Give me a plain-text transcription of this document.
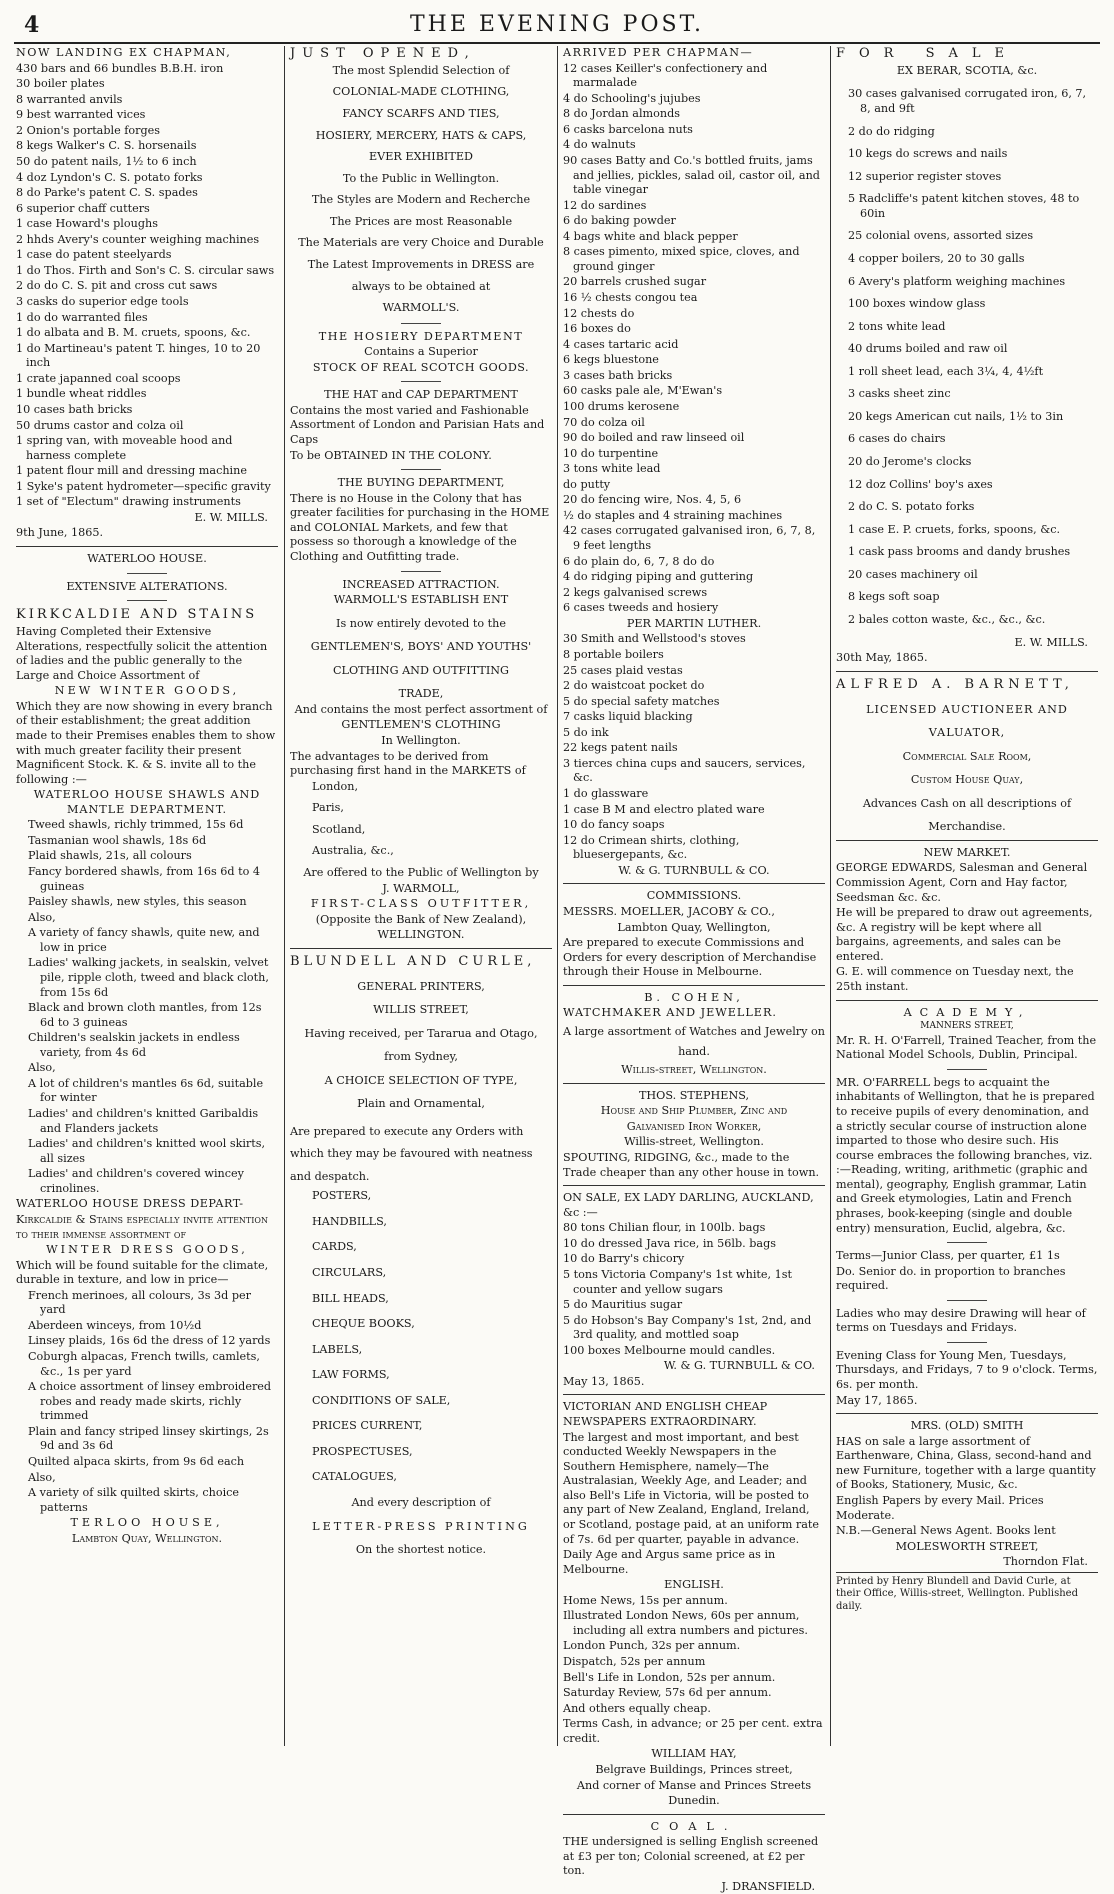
4	THE EVENING POST.

NOW LANDING EX CHAPMAN,

430 bars and 66 bundles B.B.H. iron

30 boiler plates

8 warranted anvils

9 best warranted vices

2 Onion's portable forges

8 kegs Walker's C. S. horsenails

50 do patent nails, 1½ to 6 inch

4 doz Lyndon's C. S. potato forks

8 do Parke's patent C. S. spades

6 superior chaff cutters

1 case Howard's ploughs

2 hhds Avery's counter weighing machines

1 case do patent steelyards

1 do Thos. Firth and Son's C. S. circular saws

2 do do C. S. pit and cross cut saws

3 casks do superior edge tools

1 do do warranted files

1 do albata and B. M. cruets, spoons, &c.

1 do Martineau's patent T. hinges, 10 to 20 inch

1 crate japanned coal scoops

1 bundle wheat riddles

10 cases bath bricks

50 drums castor and colza oil

1 spring van, with moveable hood and harness complete

1 patent flour mill and dressing machine

1 Syke's patent hydrometer—specific gravity

1 set of "Electum" drawing instruments

E. W. MILLS.

9th June, 1865.

WATERLOO HOUSE.

EXTENSIVE ALTERATIONS.

KIRKCALDIE AND STAINS

Having Completed their Extensive Alterations, respectfully solicit the attention of ladies and the public generally to the Large and Choice Assortment of

NEW WINTER GOODS,

Which they are now showing in every branch of their establishment; the great addition made to their Premises enables them to show with much greater facility their present Magnificent Stock. K. & S. invite all to the following :—

WATERLOO HOUSE SHAWLS AND MANTLE DEPARTMENT.

Tweed shawls, richly trimmed, 15s 6d

Tasmanian wool shawls, 18s 6d

Plaid shawls, 21s, all colours

Fancy bordered shawls, from 16s 6d to 4 guineas

Paisley shawls, new styles, this season

Also,

A variety of fancy shawls, quite new, and low in price

Ladies' walking jackets, in sealskin, velvet pile, ripple cloth, tweed and black cloth, from 15s 6d

Black and brown cloth mantles, from 12s 6d to 3 guineas

Children's sealskin jackets in endless variety, from 4s 6d

Also,

A lot of children's mantles 6s 6d, suitable for winter

Ladies' and children's knitted Garibaldis and Flanders jackets

Ladies' and children's knitted wool skirts, all sizes

Ladies' and children's covered wincey crinolines.

WATERLOO HOUSE DRESS DEPART-

Kirkcaldie & Stains especially invite attention to their immense assortment of

WINTER DRESS GOODS,

Which will be found suitable for the climate, durable in texture, and low in price—

French merinoes, all colours, 3s 3d per yard

Aberdeen winceys, from 10½d

Linsey plaids, 16s 6d the dress of 12 yards

Coburgh alpacas, French twills, camlets, &c., 1s per yard

A choice assortment of linsey embroidered robes and ready made skirts, richly trimmed

Plain and fancy striped linsey skirtings, 2s 9d and 3s 6d

Quilted alpaca skirts, from 9s 6d each

Also,

A variety of silk quilted skirts, choice patterns

TERLOO HOUSE,

Lambton Quay, Wellington.

JUST OPENED,

The most Splendid Selection of

COLONIAL-MADE CLOTHING,

FANCY SCARFS AND TIES,

HOSIERY, MERCERY, HATS & CAPS,

EVER EXHIBITED

To the Public in Wellington.

The Styles are Modern and Recherche

The Prices are most Reasonable

The Materials are very Choice and Durable

The Latest Improvements in DRESS are

always to be obtained at

WARMOLL'S.

THE HOSIERY DEPARTMENT

Contains a Superior

STOCK OF REAL SCOTCH GOODS.

THE HAT and CAP DEPARTMENT

Contains the most varied and Fashionable Assortment of London and Parisian Hats and Caps

To be OBTAINED IN THE COLONY.

THE BUYING DEPARTMENT,

There is no House in the Colony that has greater facilities for purchasing in the HOME and COLONIAL Markets, and few that possess so thorough a knowledge of the Clothing and Outfitting trade.

INCREASED ATTRACTION.

WARMOLL'S ESTABLISH ENT

Is now entirely devoted to the

GENTLEMEN'S, BOYS' AND YOUTHS'

CLOTHING AND OUTFITTING

TRADE,

And contains the most perfect assortment of

GENTLEMEN'S CLOTHING

In Wellington.

The advantages to be derived from purchasing first hand in the MARKETS of

London,

Paris,

Scotland,

Australia, &c.,

Are offered to the Public of Wellington by

J. WARMOLL,

FIRST-CLASS OUTFITTER,

(Opposite the Bank of New Zealand),

WELLINGTON.

BLUNDELL AND CURLE,

GENERAL PRINTERS,

WILLIS STREET,

Having received, per Tararua and Otago,

from Sydney,

A CHOICE SELECTION OF TYPE,

Plain and Ornamental,

Are prepared to execute any Orders with which they may be favoured with neatness and despatch.

POSTERS,

HANDBILLS,

CARDS,

CIRCULARS,

BILL HEADS,

CHEQUE BOOKS,

LABELS,

LAW FORMS,

CONDITIONS OF SALE,

PRICES CURRENT,

PROSPECTUSES,

CATALOGUES,

And every description of

LETTER-PRESS PRINTING

On the shortest notice.

ARRIVED PER CHAPMAN—

12 cases Keiller's confectionery and marmalade

4 do Schooling's jujubes

8 do Jordan almonds

6 casks barcelona nuts

4 do walnuts

90 cases Batty and Co.'s bottled fruits, jams and jellies, pickles, salad oil, castor oil, and table vinegar

12 do sardines

6 do baking powder

4 bags white and black pepper

8 cases pimento, mixed spice, cloves, and ground ginger

20 barrels crushed sugar

16 ½ chests congou tea

12 chests do

16 boxes do

4 cases tartaric acid

6 kegs bluestone

3 cases bath bricks

60 casks pale ale, M'Ewan's

100 drums kerosene

70 do colza oil

90 do boiled and raw linseed oil

10 do turpentine

3 tons white lead

do putty

20 do fencing wire, Nos. 4, 5, 6

½ do staples and 4 straining machines

42 cases corrugated galvanised iron, 6, 7, 8, 9 feet lengths

6 do plain do, 6, 7, 8 do do

4 do ridging piping and guttering

2 kegs galvanised screws

6 cases tweeds and hosiery

PER MARTIN LUTHER.

30 Smith and Wellstood's stoves

8 portable boilers

25 cases plaid vestas

2 do waistcoat pocket do

5 do special safety matches

7 casks liquid blacking

5 do ink

22 kegs patent nails

3 tierces china cups and saucers, services, &c.

1 do glassware

1 case B M and electro plated ware

10 do fancy soaps

12 do Crimean shirts, clothing, bluesergepants, &c.

W. & G. TURNBULL & CO.

COMMISSIONS.

MESSRS. MOELLER, JACOBY & CO.,

Lambton Quay, Wellington,

Are prepared to execute Commissions and Orders for every description of Merchandise through their House in Melbourne.

B. COHEN,

WATCHMAKER AND JEWELLER.

A large assortment of Watches and Jewelry on hand.

Willis-street, Wellington.

THOS. STEPHENS,

House and Ship Plumber, Zinc and

Galvanised Iron Worker,

Willis-street, Wellington.

SPOUTING, RIDGING, &c., made to the Trade cheaper than any other house in town.

ON SALE, EX LADY DARLING, AUCKLAND, &c :—

80 tons Chilian flour, in 100lb. bags

10 do dressed Java rice, in 56lb. bags

10 do Barry's chicory

5 tons Victoria Company's 1st white, 1st counter and yellow sugars

5 do Mauritius sugar

5 do Hobson's Bay Company's 1st, 2nd, and 3rd quality, and mottled soap

100 boxes Melbourne mould candles.

W. & G. TURNBULL & CO.

May 13, 1865.

VICTORIAN AND ENGLISH CHEAP NEWSPAPERS EXTRAORDINARY.

The largest and most important, and best conducted Weekly Newspapers in the Southern Hemisphere, namely—The Australasian, Weekly Age, and Leader; and also Bell's Life in Victoria, will be posted to any part of New Zealand, England, Ireland, or Scotland, postage paid, at an uniform rate of 7s. 6d per quarter, payable in advance.

Daily Age and Argus same price as in Melbourne.

ENGLISH.

Home News, 15s per annum.

Illustrated London News, 60s per annum, including all extra numbers and pictures.

London Punch, 32s per annum.

Dispatch, 52s per annum

Bell's Life in London, 52s per annum.

Saturday Review, 57s 6d per annum.

And others equally cheap.

Terms Cash, in advance; or 25 per cent. extra credit.

WILLIAM HAY,

Belgrave Buildings, Princes street,

And corner of Manse and Princes Streets

Dunedin.

COAL.

THE undersigned is selling English screened at £3 per ton; Colonial screened, at £2 per ton.

J. DRANSFIELD.

FOR SALE

EX BERAR, SCOTIA, &c.

30 cases galvanised corrugated iron, 6, 7, 8, and 9ft

2 do do ridging

10 kegs do screws and nails

12 superior register stoves

5 Radcliffe's patent kitchen stoves, 48 to 60in

25 colonial ovens, assorted sizes

4 copper boilers, 20 to 30 galls

6 Avery's platform weighing machines

100 boxes window glass

2 tons white lead

40 drums boiled and raw oil

1 roll sheet lead, each 3¼, 4, 4½ft

3 casks sheet zinc

20 kegs American cut nails, 1½ to 3in

6 cases do chairs

20 do Jerome's clocks

12 doz Collins' boy's axes

2 do C. S. potato forks

1 case E. P. cruets, forks, spoons, &c.

1 cask pass brooms and dandy brushes

20 cases machinery oil

8 kegs soft soap

2 bales cotton waste, &c., &c., &c.

E. W. MILLS.

30th May, 1865.

ALFRED A. BARNETT,

LICENSED AUCTIONEER AND

VALUATOR,

Commercial Sale Room,

Custom House Quay,

Advances Cash on all descriptions of

Merchandise.

NEW MARKET.

GEORGE EDWARDS, Salesman and General Commission Agent, Corn and Hay factor, Seedsman &c. &c.

He will be prepared to draw out agreements, &c. A registry will be kept where all bargains, agreements, and sales can be entered.

G. E. will commence on Tuesday next, the 25th instant.

ACADEMY,

MANNERS STREET,

Mr. R. H. O'Farrell, Trained Teacher, from the National Model Schools, Dublin, Principal.

MR. O'FARRELL begs to acquaint the inhabitants of Wellington, that he is prepared to receive pupils of every denomination, and a strictly secular course of instruction alone imparted to those who desire such. His course embraces the following branches, viz. :—Reading, writing, arithmetic (graphic and mental), geography, English grammar, Latin and Greek etymologies, Latin and French phrases, book-keeping (single and double entry) mensuration, Euclid, algebra, &c.

Terms—Junior Class, per quarter, £1 1s

Do. Senior do. in proportion to branches required.

Ladies who may desire Drawing will hear of terms on Tuesdays and Fridays.

Evening Class for Young Men, Tuesdays, Thursdays, and Fridays, 7 to 9 o'clock. Terms, 6s. per month.

May 17, 1865.

MRS. (OLD) SMITH

HAS on sale a large assortment of Earthenware, China, Glass, second-hand and new Furniture, together with a large quantity of Books, Stationery, Music, &c.

English Papers by every Mail. Prices Moderate.

N.B.—General News Agent. Books lent

MOLESWORTH STREET,

Thorndon Flat.

Printed by Henry Blundell and David Curle, at their Office, Willis-street, Wellington. Published daily.
